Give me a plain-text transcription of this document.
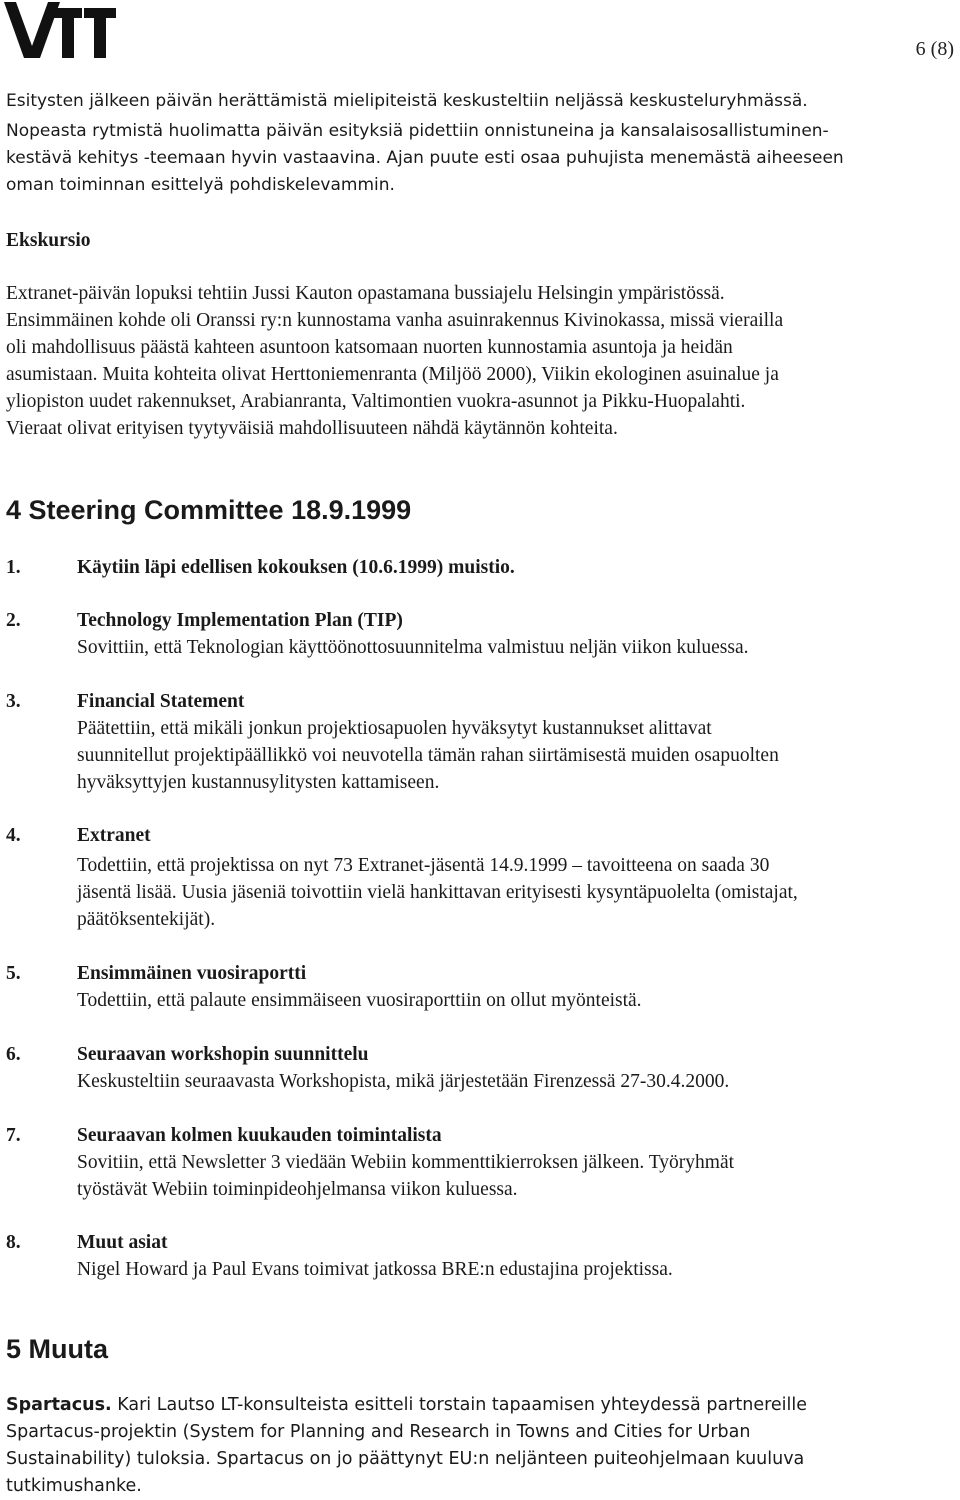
6 (8)
Esitysten jälkeen päivän herättämistä mielipiteistä keskusteltiin neljässä keskusteluryhmässä.
Nopeasta rytmistä huolimatta päivän esityksiä pidettiin onnistuneina ja kansalaisosallistuminen-
kestävä kehitys -teemaan hyvin vastaavina. Ajan puute esti osaa puhujista menemästä aiheeseen
oman toiminnan esittelyä pohdiskelevammin.
Ekskursio
Extranet-päivän lopuksi tehtiin Jussi Kauton opastamana bussiajelu Helsingin ympäristössä.
Ensimmäinen kohde oli Oranssi ry:n kunnostama vanha asuinrakennus Kivinokassa, missä vierailla
oli mahdollisuus päästä kahteen asuntoon katsomaan nuorten kunnostamia asuntoja ja heidän
asumistaan. Muita kohteita olivat Herttoniemenranta (Miljöö 2000), Viikin ekologinen asuinalue ja
yliopiston uudet rakennukset, Arabianranta, Valtimontien vuokra-asunnot ja Pikku-Huopalahti.
Vieraat olivat erityisen tyytyväisiä mahdollisuuteen nähdä käytännön kohteita.
4 Steering Committee 18.9.1999
1.	Käytiin läpi edellisen kokouksen (10.6.1999) muistio.
2.	Technology Implementation Plan (TIP)
Sovittiin, että Teknologian käyttöönottosuunnitelma valmistuu neljän viikon kuluessa.
3.	Financial Statement
Päätettiin, että mikäli jonkun projektiosapuolen hyväksytyt kustannukset alittavat
suunnitellut projektipäällikkö voi neuvotella tämän rahan siirtämisestä muiden osapuolten
hyväksyttyjen kustannusylitysten kattamiseen.
4.	Extranet
Todettiin, että projektissa on nyt 73 Extranet-jäsentä 14.9.1999 – tavoitteena on saada 30
jäsentä lisää. Uusia jäseniä toivottiin vielä hankittavan erityisesti kysyntäpuolelta (omistajat,
päätöksentekijät).
5.	Ensimmäinen vuosiraportti
Todettiin, että palaute ensimmäiseen vuosiraporttiin on ollut myönteistä.
6.	Seuraavan workshopin suunnittelu
Keskusteltiin seuraavasta Workshopista, mikä järjestetään Firenzessä 27-30.4.2000.
7.	Seuraavan kolmen kuukauden toimintalista
Sovitiin, että Newsletter 3 viedään Webiin kommenttikierroksen jälkeen. Työryhmät
työstävät Webiin toiminpideohjelmansa viikon kuluessa.
8.	Muut asiat
Nigel Howard ja Paul Evans toimivat jatkossa BRE:n edustajina projektissa.
5 Muuta
Spartacus. Kari Lautso LT-konsulteista esitteli torstain tapaamisen yhteydessä partnereille
Spartacus-projektin (System for Planning and Research in Towns and Cities for Urban
Sustainability) tuloksia. Spartacus on jo päättynyt EU:n neljänteen puiteohjelmaan kuuluva
tutkimushanke.
